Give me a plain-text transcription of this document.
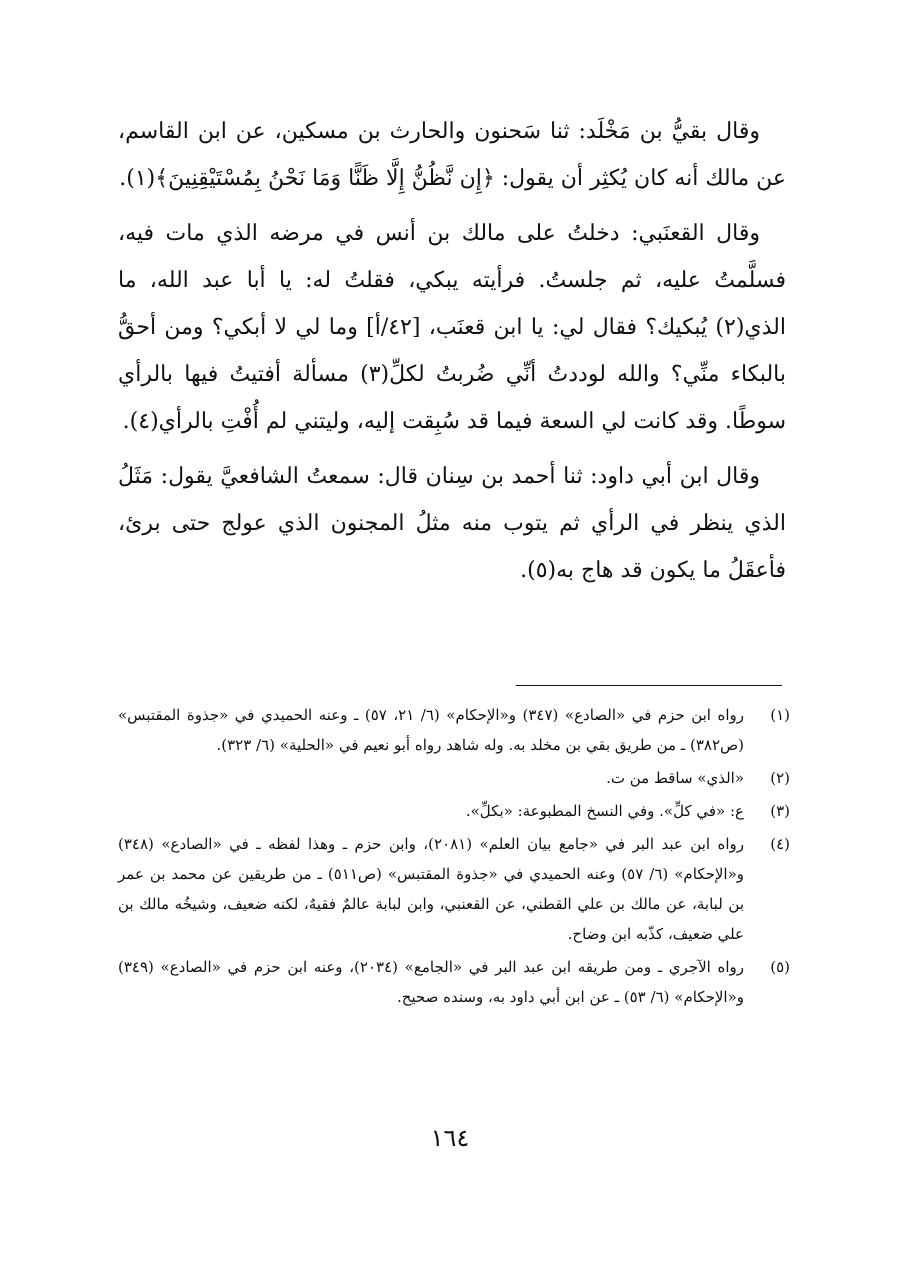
وقال بقيُّ بن مَخْلَد: ثنا سَحنون والحارث بن مسكين، عن ابن القاسم، عن مالك أنه كان يُكثِر أن يقول: ﴿إِن نَّظُنُّ إِلَّا ظَنًّا وَمَا نَحْنُ بِمُسْتَيْقِنِينَ﴾(١).

وقال القعنَبي: دخلتُ على مالك بن أنس في مرضه الذي مات فيه، فسلَّمتُ عليه، ثم جلستُ. فرأيته يبكي، فقلتُ له: يا أبا عبد الله، ما الذي(٢) يُبكيك؟ فقال لي: يا ابن قعنَب، [٤٢/أ] وما لي لا أبكي؟ ومن أحقُّ بالبكاء منِّي؟ والله لوددتُ أنِّي ضُربتُ لكلِّ(٣) مسألة أفتيتُ فيها بالرأي سوطًا. وقد كانت لي السعة فيما قد سُبِقت إليه، وليتني لم أُفْتِ بالرأي(٤).

وقال ابن أبي داود: ثنا أحمد بن سِنان قال: سمعتُ الشافعيَّ يقول: مَثَلُ الذي ينظر في الرأي ثم يتوب منه مثلُ المجنون الذي عولج حتى برئ، فأعقَلُ ما يكون قد هاج به(٥).

(١)
رواه ابن حزم في «الصادع» (٣٤٧) و«الإحكام» (٦/ ٢١، ٥٧) ـ وعنه الحميدي في «جذوة المقتبس» (ص٣٨٢) ـ من طريق بقي بن مخلد به. وله شاهد رواه أبو نعيم في «الحلية» (٦/ ٣٢٣).
(٢)
«الذي» ساقط من ت.
(٣)
ع: «في كلِّ». وفي النسخ المطبوعة: «بكلِّ».
(٤)
رواه ابن عبد البر في «جامع بيان العلم» (٢٠٨١)، وابن حزم ـ وهذا لفظه ـ في «الصادع» (٣٤٨) و«الإحكام» (٦/ ٥٧) وعنه الحميدي في «جذوة المقتبس» (ص٥١١) ـ من طريقين عن محمد بن عمر بن لبابة، عن مالك بن علي القطني، عن القعنبي، وابن لبابة عالمٌ فقيهٌ، لكنه ضعيف، وشيخُه مالك بن علي ضعيف، كذّبه ابن وضاح.
(٥)
رواه الآجري ـ ومن طريقه ابن عبد البر في «الجامع» (٢٠٣٤)، وعنه ابن حزم في «الصادع» (٣٤٩) و«الإحكام» (٦/ ٥٣) ـ عن ابن أبي داود به، وسنده صحيح.
١٦٤
